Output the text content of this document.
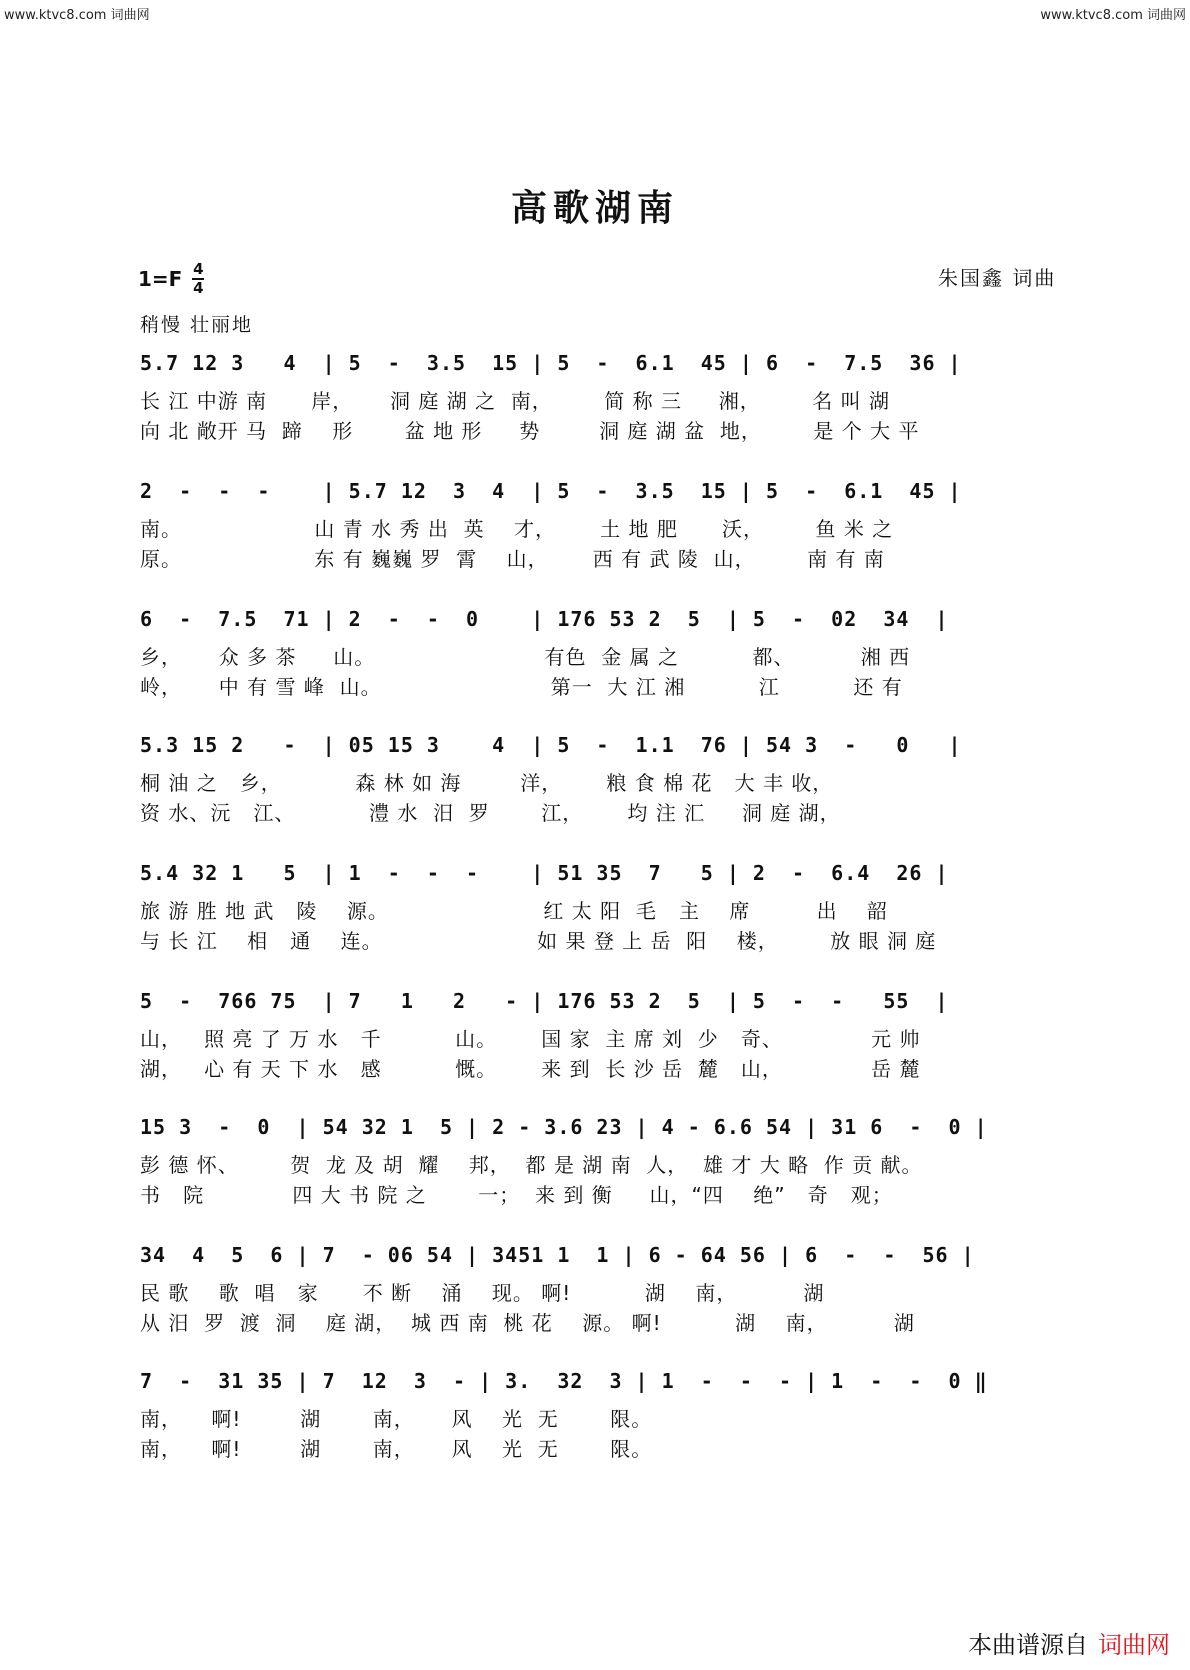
www.ktvc8.com 词曲网	www.ktvc8.com 词曲网
高歌湖南
$1=F \frac{4}{4}$	朱国鑫 词曲
稍慢 壮丽地
5.7 12 3   4  | 5  -  3.5  15 | 5  -  6.1  45 | 6  -  7.5  36 |
长 江 中游 南      岸，     洞 庭 湖 之  南，       简 称 三     湘，       名 叫 湖
向 北 敞开 马  蹄    形       盆 地 形     势        洞 庭 湖 盆  地，       是 个 大 平
2  -  -  -    | 5.7 12  3  4  | 5  -  3.5  15 | 5  -  6.1  45 |
南。                  山 青 水 秀 出  英    才，      土 地 肥      沃，       鱼 米 之
原。                  东 有 巍巍 罗  霄    山，      西 有 武 陵  山，       南 有 南
6  -  7.5  71 | 2  -  -  0    | 176 53 2  5  | 5  -  02  34  |
乡，     众 多 茶     山。                       有色  金 属 之          都、         湘 西
岭，     中 有 雪 峰  山。                       第一  大 江 湘          江          还 有
5.3 15 2   -  | 05 15 3    4  | 5  -  1.1  76 | 54 3  -   0   |
桐 油 之   乡，          森 林 如 海        洋，      粮 食 棉 花   大 丰 收，
资 水、沅   江、          澧 水  汨  罗       江，      均 注 汇     洞 庭 湖，
5.4 32 1   5  | 1  -  -  -    | 51 35  7   5 | 2  -  6.4  26 |
旅 游 胜 地 武   陵    源。                     红 太 阳  毛   主    席         出    韶
与 长 江    相   通    连。                     如 果 登 上 岳  阳    楼，       放 眼 洞 庭
5  -  766 75  | 7   1   2   - | 176 53 2  5  | 5  -  -   55  |
山，   照 亮 了 万 水   千          山。      国 家  主 席 刘  少   奇、            元 帅
湖，   心 有 天 下 水   感          慨。      来 到  长 沙 岳  麓   山，            岳 麓
15 3  -  0  | 54 32 1  5 | 2 - 3.6 23 | 4 - 6.6 54 | 31 6  -  0 |
彭 德 怀、       贺  龙 及 胡  耀    邦，  都 是 湖 南  人，  雄 才 大 略  作 贡 献。
书   院            四 大 书 院 之       一；  来 到 衡     山，“四    绝”   奇   观；
34  4  5  6 | 7  - 06 54 | 3451 1  1 | 6 - 64 56 | 6  -  -  56 |
民 歌    歌  唱   家      不 断    涌    现。 啊!          湖    南，         湖
从 汨  罗  渡  洞    庭 湖，  城 西 南  桃 花    源。 啊!          湖    南，         湖
7  -  31 35 | 7  12  3  - | 3.  32  3 | 1  -  -  - | 1  -  -  0 ‖
南，    啊!        湖       南，     风    光  无       限。
南，    啊!        湖       南，     风    光  无       限。
本曲谱源自 词曲网
